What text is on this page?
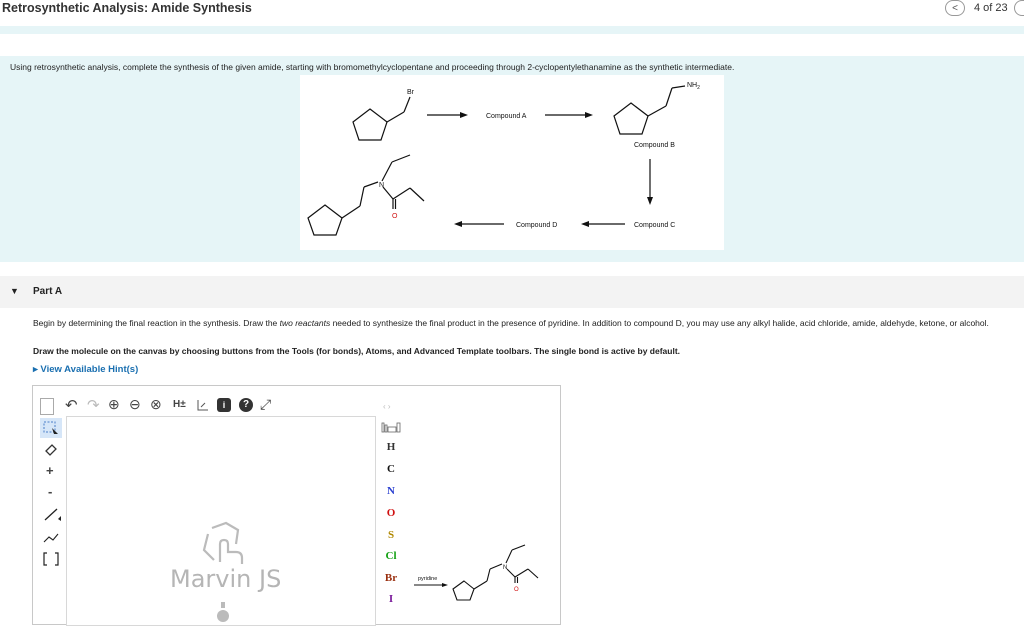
Retrosynthetic Analysis: Amide Synthesis	<	4 of 23
Using retrosynthetic analysis, complete the synthesis of the given amide, starting with bromomethylcyclopentane and proceeding through 2-cyclopentylethanamine as the synthetic intermediate.
Br
Compound A
$NH_2$
Compound B
Compound C
Compound D
N
O
▼ Part A
Begin by determining the final reaction in the synthesis. Draw the two reactants needed to synthesize the final product in the presence of pyridine. In addition to compound D, you may use any alkyl halide, acid chloride, amide, aldehyde, ketone, or alcohol.
Draw the molecule on the canvas by choosing buttons from the Tools (for bonds), Atoms, and Advanced Template toolbars. The single bond is active by default.
▸ View Available Hint(s)
↶ ↷ ⊕ ⊖ ⊗ H±	i	? ⤢	‹ ›
+
-
Marvin JS
H
C
N
O
S
Cl
Br
I
pyridine
N
O
